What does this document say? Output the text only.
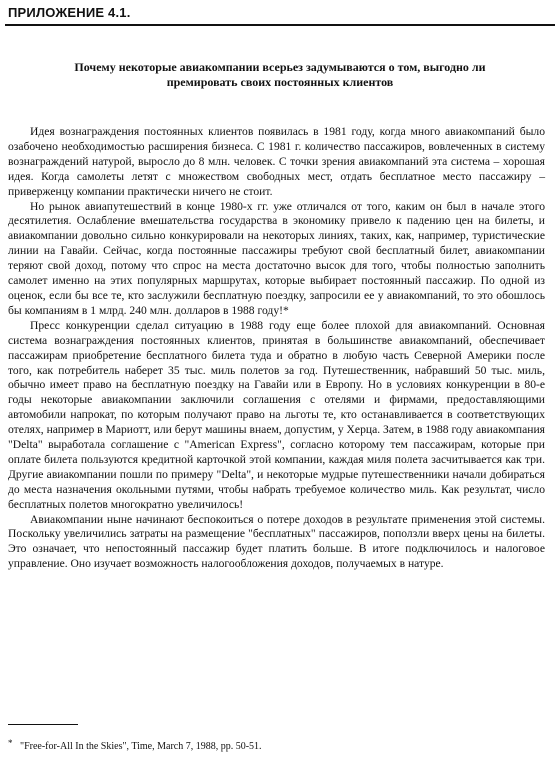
ПРИЛОЖЕНИЕ 4.1.
Почему некоторые авиакомпании всерьез задумываются о том, выгодно ли премировать своих постоянных клиентов

Идея вознаграждения постоянных клиентов появилась в 1981 году, когда много авиакомпаний было озабочено необходимостью расширения бизнеса. С 1981 г. количество пассажиров, вовлеченных в систему вознаграждений натурой, выросло до 8 млн. человек. С точки зрения авиакомпаний эта система – хорошая идея. Когда самолеты летят с множеством свободных мест, отдать бесплатное место пассажиру – приверженцу компании практически ничего не стоит.

Но рынок авиапутешествий в конце 1980-х гг. уже отличался от того, каким он был в начале этого десятилетия. Ослабление вмешательства государства в экономику привело к падению цен на билеты, и авиакомпании довольно сильно конкурировали на некоторых линиях, таких, как, например, туристические линии на Гавайи. Сейчас, когда постоянные пассажиры требуют свой бесплатный билет, авиакомпании теряют свой доход, потому что спрос на места достаточно высок для того, чтобы полностью заполнить самолет именно на этих популярных маршрутах, которые выбирает постоянный пассажир. По одной из оценок, если бы все те, кто заслужили бесплатную поездку, запросили ее у авиакомпаний, то это обошлось бы компаниям в 1 млрд. 240 млн. долларов в 1988 году!*

Пресс конкуренции сделал ситуацию в 1988 году еще более плохой для авиакомпаний. Основная система вознаграждения постоянных клиентов, принятая в большинстве авиакомпаний, обеспечивает пассажирам приобретение бесплатного билета туда и обратно в любую часть Северной Америки после того, как потребитель наберет 35 тыс. миль полетов за год. Путешественник, набравший 50 тыс. миль, обычно имеет право на бесплатную поездку на Гавайи или в Европу. Но в условиях конкуренции в 80-е годы некоторые авиакомпании заключили соглашения с отелями и фирмами, предоставляющими автомобили напрокат, по которым получают право на льготы те, кто останавливается в соответствующих отелях, например в Мариотт, или берут машины внаем, допустим, у Херца. Затем, в 1988 году авиакомпания "Delta" выработала соглашение с "American Express", согласно которому тем пассажирам, которые при оплате билета пользуются кредитной карточкой этой компании, каждая миля полета засчитывается как три. Другие авиакомпании пошли по примеру "Delta", и некоторые мудрые путешественники начали добираться до места назначения окольными путями, чтобы набрать требуемое количество миль. Как результат, число бесплатных полетов многократно увеличилось!

Авиакомпании ныне начинают беспокоиться о потере доходов в результате применения этой системы. Поскольку увеличились затраты на размещение "бесплатных" пассажиров, поползли вверх цены на билеты. Это означает, что непостоянный пассажир будет платить больше. В итоге подключилось и налоговое управление. Оно изучает возможность налогообложения доходов, получаемых в натуре.

* "Free-for-All In the Skies", Time, March 7, 1988, pp. 50-51.
